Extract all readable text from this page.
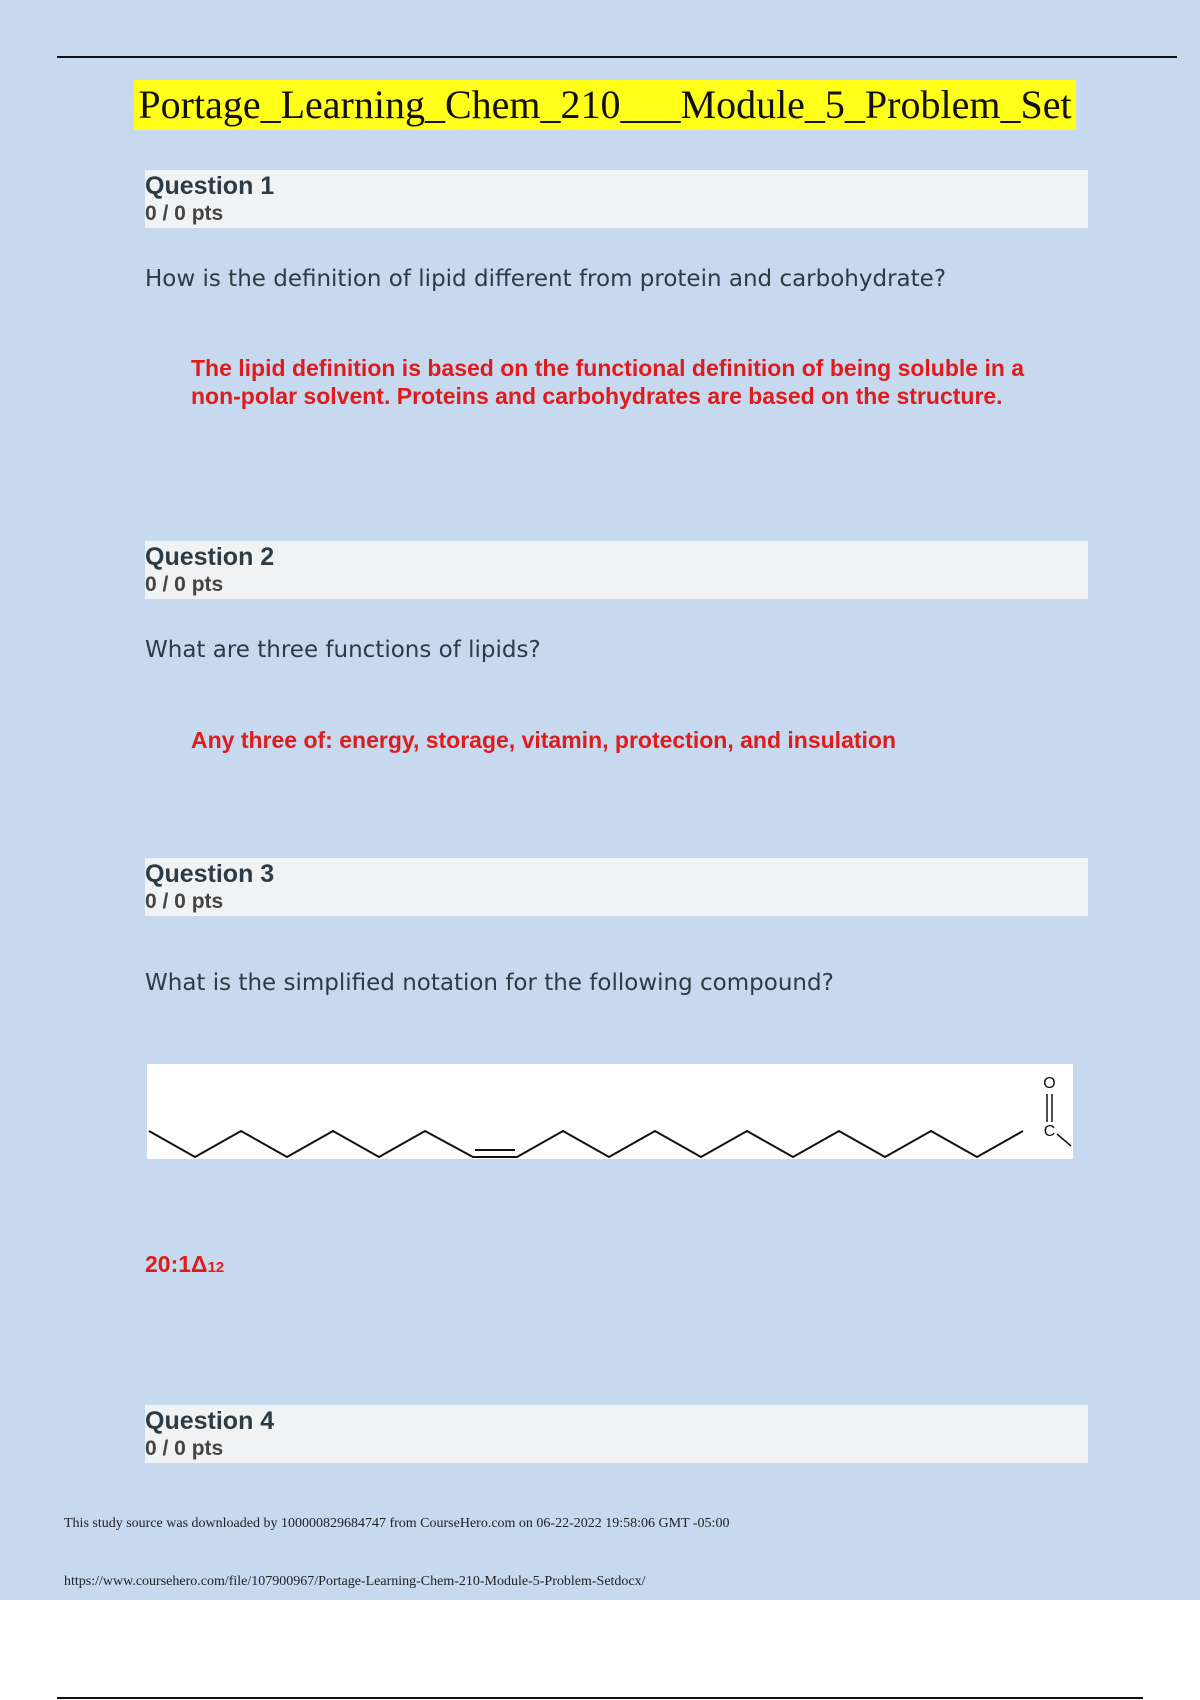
Portage_Learning_Chem_210___Module_5_Problem_Set
Question 1
0 / 0 pts
How is the definition of lipid different from protein and carbohydrate?
The lipid definition is based on the functional definition of being soluble in a non-polar solvent. Proteins and carbohydrates are based on the structure.
Question 2
0 / 0 pts
What are three functions of lipids?
Any three of: energy, storage, vitamin, protection, and insulation
Question 3
0 / 0 pts
What is the simplified notation for the following compound?
O
C
20:1Δ12
Question 4
0 / 0 pts
This study source was downloaded by 100000829684747 from CourseHero.com on 06-22-2022 19:58:06 GMT -05:00
https://www.coursehero.com/file/107900967/Portage-Learning-Chem-210-Module-5-Problem-Setdocx/
